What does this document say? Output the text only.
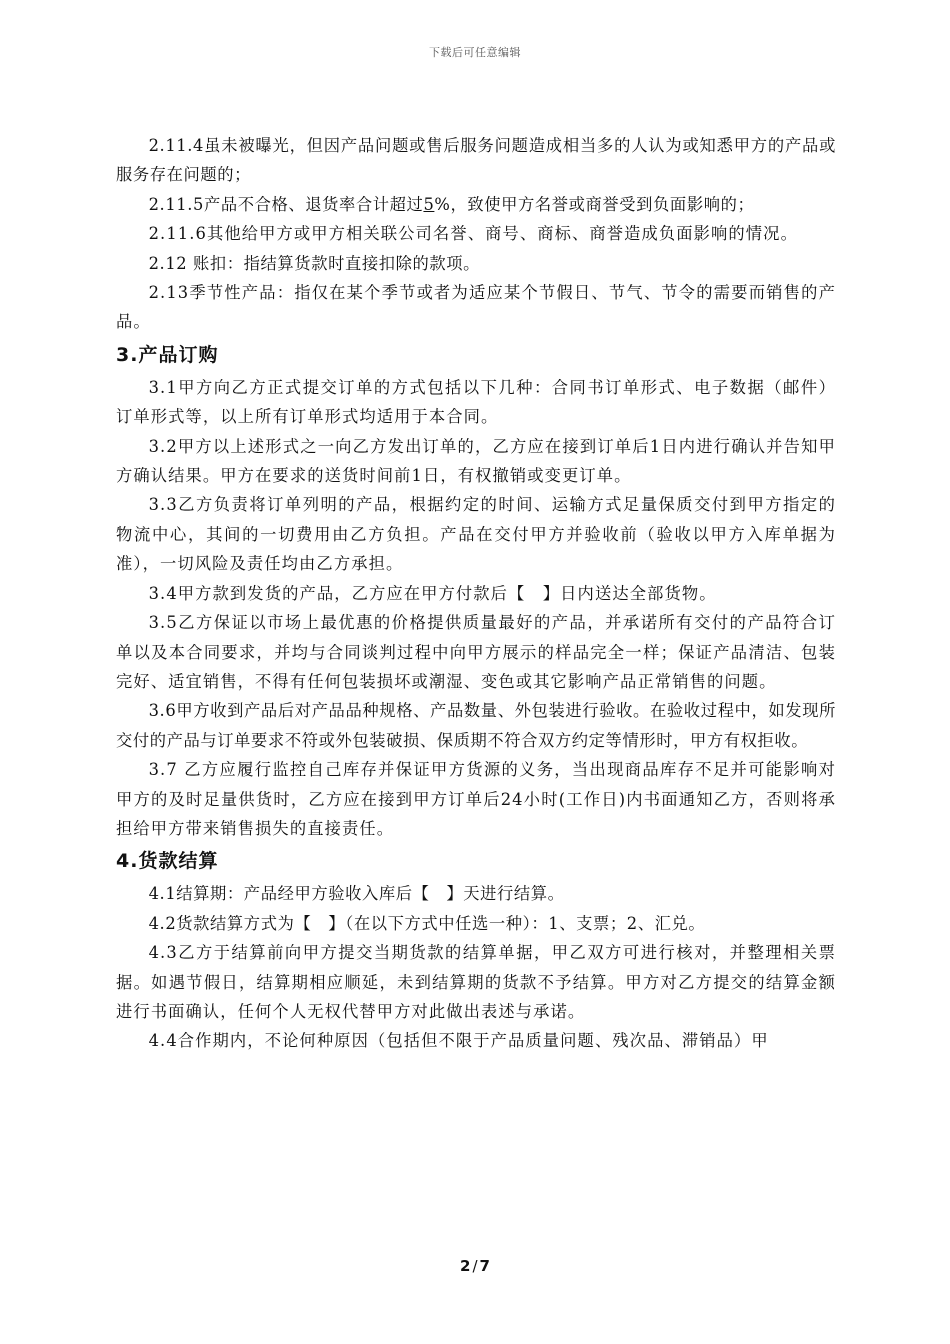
下载后可任意编辑

2.11.4虽未被曝光，但因产品问题或售后服务问题造成相当多的人认为或知悉甲方的产品或服务存在问题的；

2.11.5产品不合格、退货率合计超过5%，致使甲方名誉或商誉受到负面影响的；

2.11.6其他给甲方或甲方相关联公司名誉、商号、商标、商誉造成负面影响的情况。

2.12 账扣：指结算货款时直接扣除的款项。

2.13季节性产品：指仅在某个季节或者为适应某个节假日、节气、节令的需要而销售的产品。

3.产品订购

3.1甲方向乙方正式提交订单的方式包括以下几种：合同书订单形式、电子数据（邮件）订单形式等，以上所有订单形式均适用于本合同。

3.2甲方以上述形式之一向乙方发出订单的，乙方应在接到订单后1日内进行确认并告知甲方确认结果。甲方在要求的送货时间前1日，有权撤销或变更订单。

3.3乙方负责将订单列明的产品，根据约定的时间、运输方式足量保质交付到甲方指定的物流中心，其间的一切费用由乙方负担。产品在交付甲方并验收前（验收以甲方入库单据为准），一切风险及责任均由乙方承担。

3.4甲方款到发货的产品，乙方应在甲方付款后【　】日内送达全部货物。

3.5乙方保证以市场上最优惠的价格提供质量最好的产品，并承诺所有交付的产品符合订单以及本合同要求，并均与合同谈判过程中向甲方展示的样品完全一样；保证产品清洁、包装完好、适宜销售，不得有任何包装损坏或潮湿、变色或其它影响产品正常销售的问题。

3.6甲方收到产品后对产品品种规格、产品数量、外包装进行验收。在验收过程中，如发现所交付的产品与订单要求不符或外包装破损、保质期不符合双方约定等情形时，甲方有权拒收。

3.7 乙方应履行监控自己库存并保证甲方货源的义务，当出现商品库存不足并可能影响对甲方的及时足量供货时，乙方应在接到甲方订单后24小时(工作日)内书面通知乙方，否则将承担给甲方带来销售损失的直接责任。

4.货款结算

4.1结算期：产品经甲方验收入库后【　】天进行结算。

4.2货款结算方式为【　】（在以下方式中任选一种）：1、支票；2、汇兑。

4.3乙方于结算前向甲方提交当期货款的结算单据，甲乙双方可进行核对，并整理相关票据。如遇节假日，结算期相应顺延，未到结算期的货款不予结算。甲方对乙方提交的结算金额进行书面确认，任何个人无权代替甲方对此做出表述与承诺。

4.4合作期内，不论何种原因（包括但不限于产品质量问题、残次品、滞销品）甲

2 / 7
